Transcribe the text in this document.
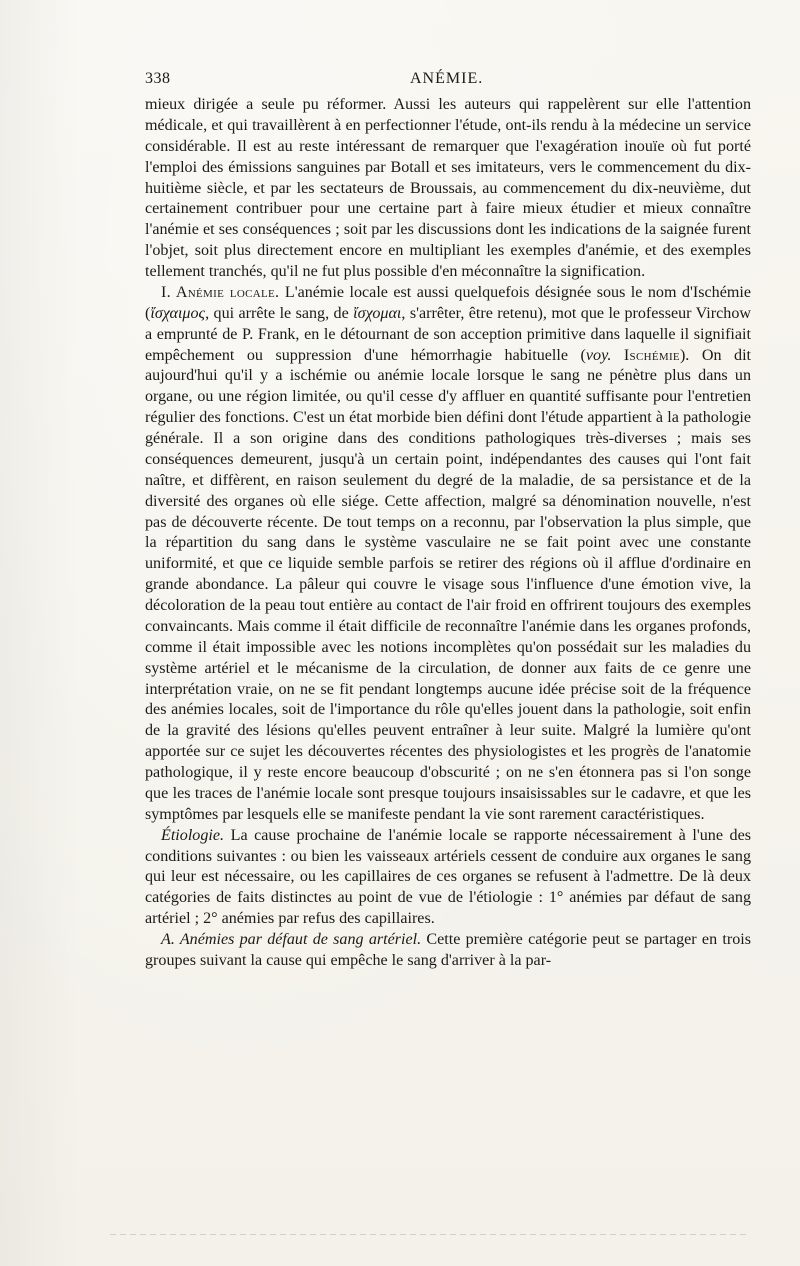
338	ANÉMIE.

mieux dirigée a seule pu réformer. Aussi les auteurs qui rappelèrent sur elle l'attention médicale, et qui travaillèrent à en perfectionner l'étude, ont-ils rendu à la médecine un service considérable. Il est au reste intéressant de remarquer que l'exagération inouïe où fut porté l'emploi des émissions sanguines par Botall et ses imitateurs, vers le commencement du dix-huitième siècle, et par les sectateurs de Broussais, au commencement du dix-neuvième, dut certainement contribuer pour une certaine part à faire mieux étudier et mieux connaître l'anémie et ses conséquences ; soit par les discussions dont les indications de la saignée furent l'objet, soit plus directement encore en multipliant les exemples d'anémie, et des exemples tellement tranchés, qu'il ne fut plus possible d'en méconnaître la signification.

I. Anémie locale. L'anémie locale est aussi quelquefois désignée sous le nom d'Ischémie (ἴσχαιμος, qui arrête le sang, de ἴσχομαι, s'arrêter, être retenu), mot que le professeur Virchow a emprunté de P. Frank, en le détournant de son acception primitive dans laquelle il signifiait empêchement ou suppression d'une hémorrhagie habituelle (voy. Ischémie). On dit aujourd'hui qu'il y a ischémie ou anémie locale lorsque le sang ne pénètre plus dans un organe, ou une région limitée, ou qu'il cesse d'y affluer en quantité suffisante pour l'entretien régulier des fonctions. C'est un état morbide bien défini dont l'étude appartient à la pathologie générale. Il a son origine dans des conditions pathologiques très-diverses ; mais ses conséquences demeurent, jusqu'à un certain point, indépendantes des causes qui l'ont fait naître, et diffèrent, en raison seulement du degré de la maladie, de sa persistance et de la diversité des organes où elle siége. Cette affection, malgré sa dénomination nouvelle, n'est pas de découverte récente. De tout temps on a reconnu, par l'observation la plus simple, que la répartition du sang dans le système vasculaire ne se fait point avec une constante uniformité, et que ce liquide semble parfois se retirer des régions où il afflue d'ordinaire en grande abondance. La pâleur qui couvre le visage sous l'influence d'une émotion vive, la décoloration de la peau tout entière au contact de l'air froid en offrirent toujours des exemples convaincants. Mais comme il était difficile de reconnaître l'anémie dans les organes profonds, comme il était impossible avec les notions incomplètes qu'on possédait sur les maladies du système artériel et le mécanisme de la circulation, de donner aux faits de ce genre une interprétation vraie, on ne se fit pendant longtemps aucune idée précise soit de la fréquence des anémies locales, soit de l'importance du rôle qu'elles jouent dans la pathologie, soit enfin de la gravité des lésions qu'elles peuvent entraîner à leur suite. Malgré la lumière qu'ont apportée sur ce sujet les découvertes récentes des physiologistes et les progrès de l'anatomie pathologique, il y reste encore beaucoup d'obscurité ; on ne s'en étonnera pas si l'on songe que les traces de l'anémie locale sont presque toujours insaisissables sur le cadavre, et que les symptômes par lesquels elle se manifeste pendant la vie sont rarement caractéristiques.

Étiologie. La cause prochaine de l'anémie locale se rapporte nécessairement à l'une des conditions suivantes : ou bien les vaisseaux artériels cessent de conduire aux organes le sang qui leur est nécessaire, ou les capillaires de ces organes se refusent à l'admettre. De là deux catégories de faits distinctes au point de vue de l'étiologie : 1° anémies par défaut de sang artériel ; 2° anémies par refus des capillaires.

A. Anémies par défaut de sang artériel. Cette première catégorie peut se partager en trois groupes suivant la cause qui empêche le sang d'arriver à la par-
